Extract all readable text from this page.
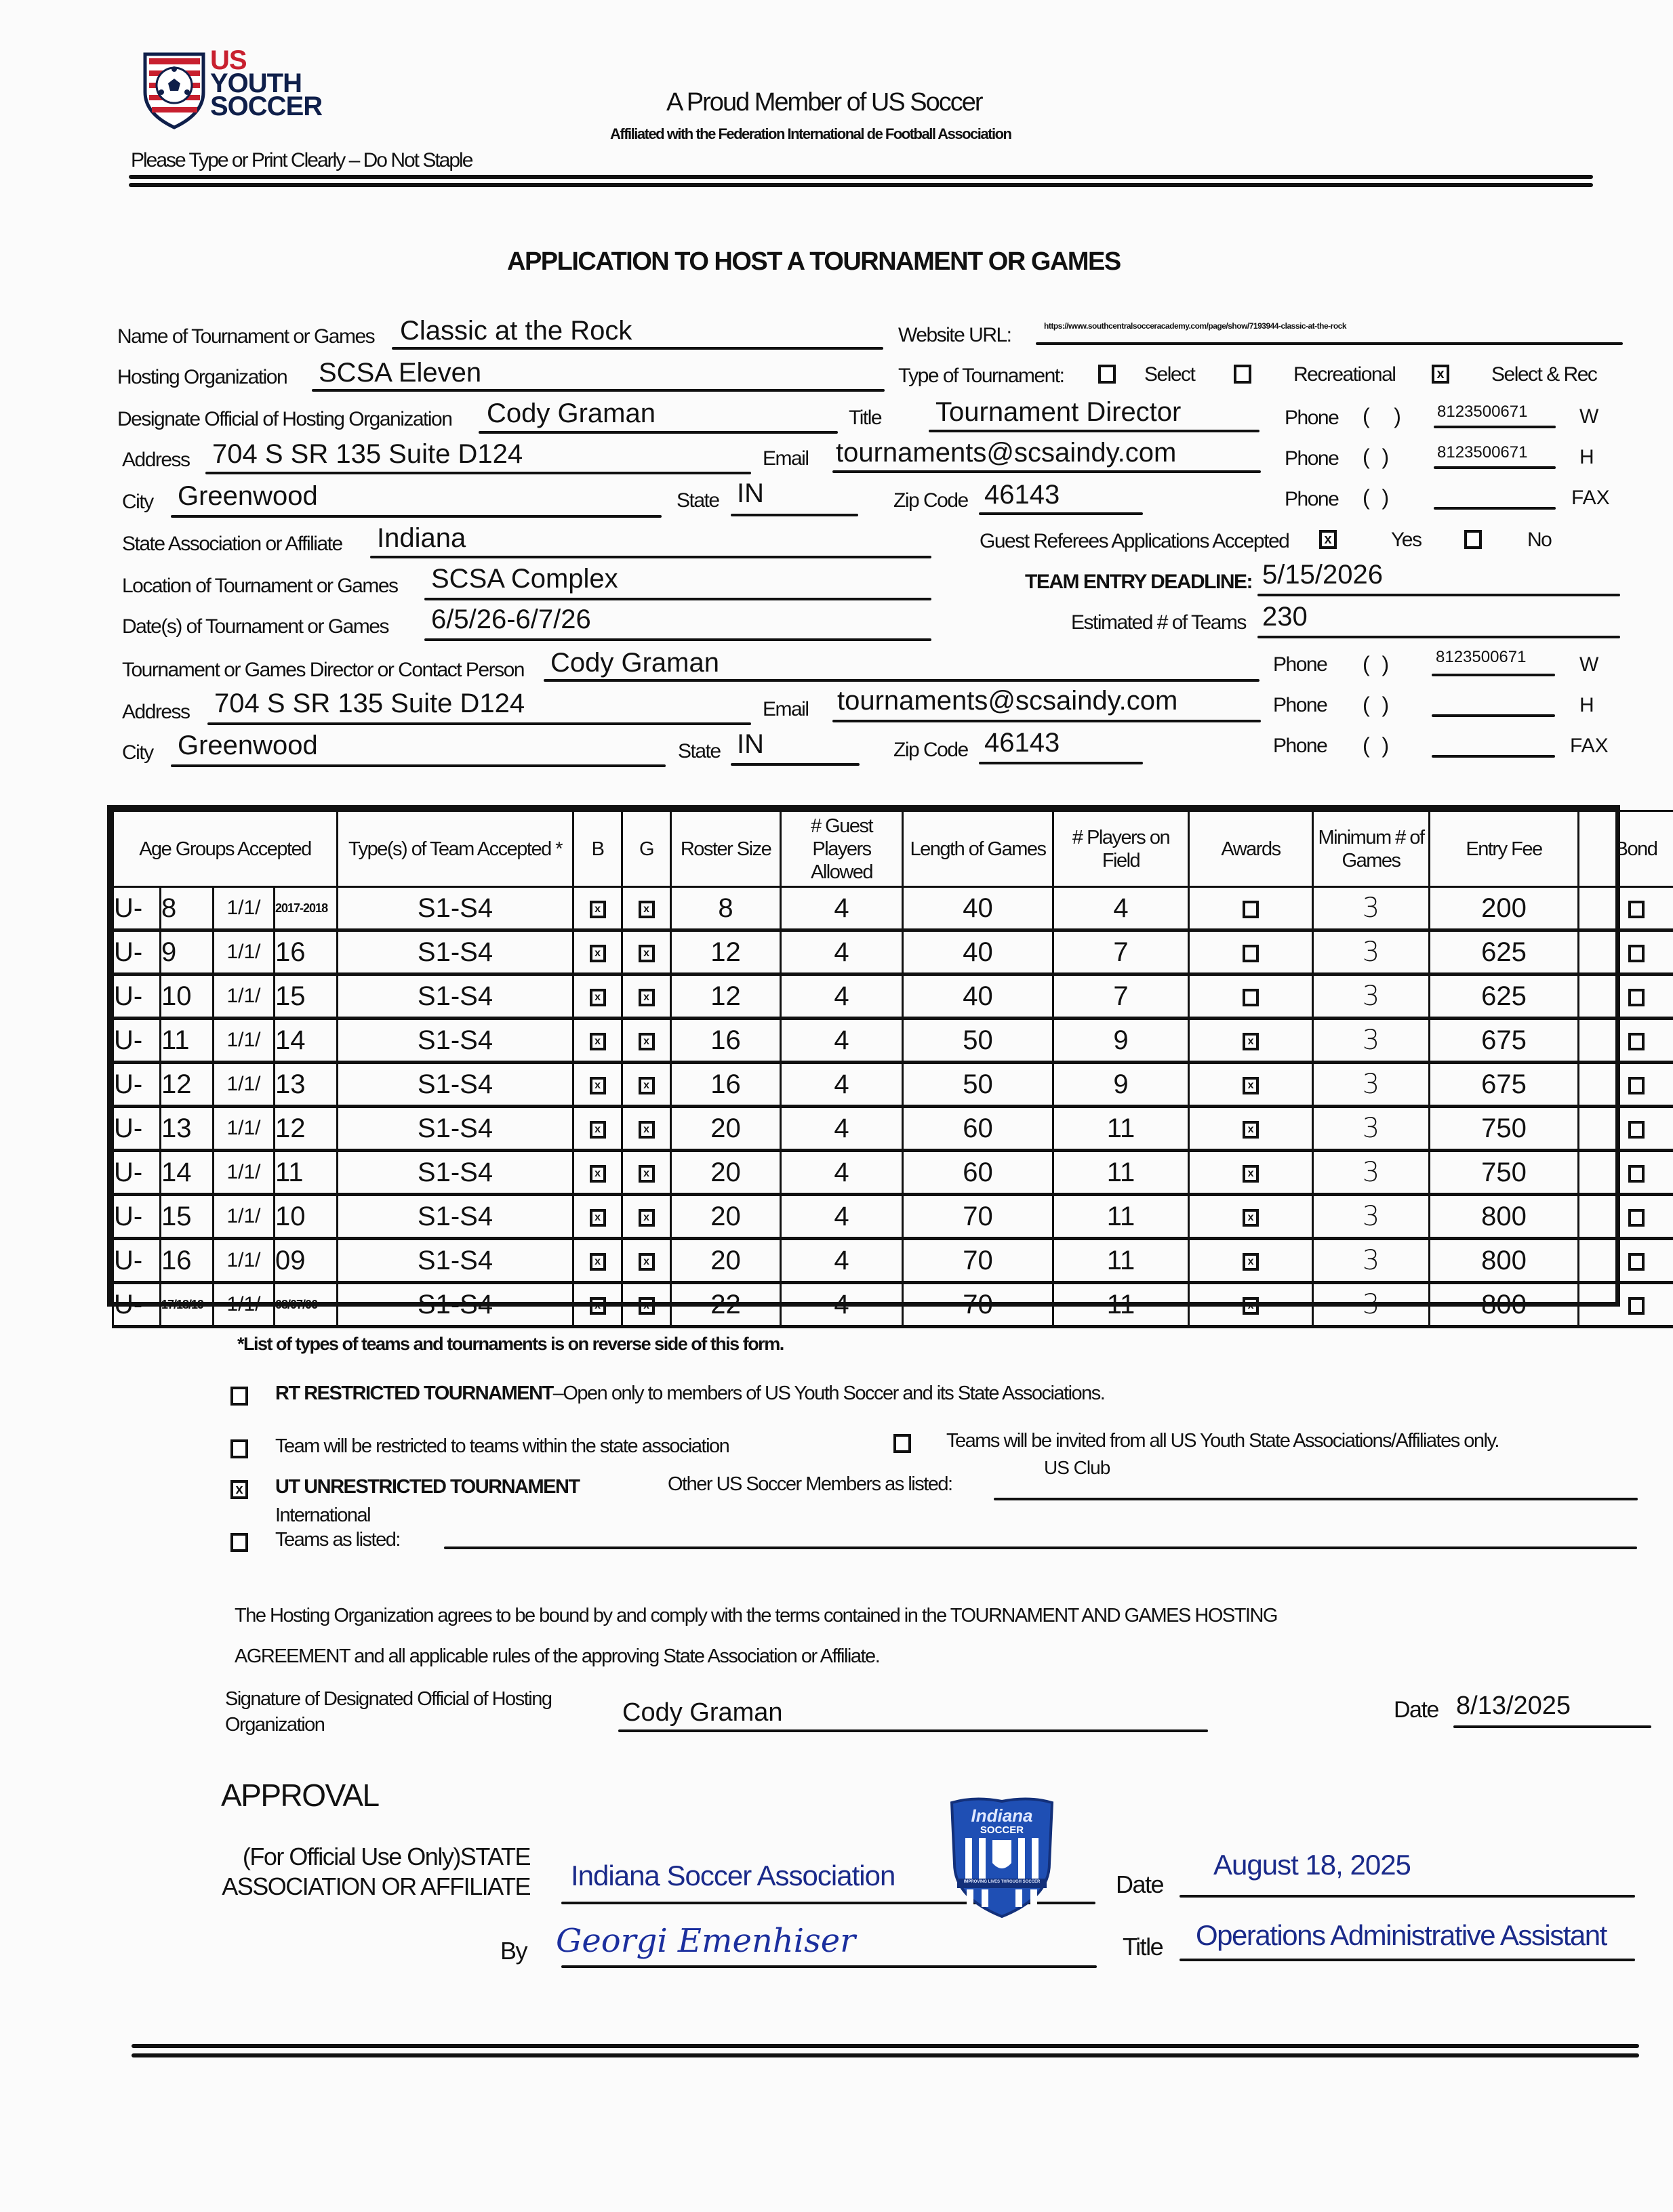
US
YOUTH
SOCCER	A Proud Member of US Soccer
Affiliated with the Federation International de Football Association
Please Type or Print Clearly – Do Not Staple
APPLICATION TO HOST A TOURNAMENT OR GAMES
Name of Tournament or Games Classic at the Rock	Website URL:	https://www.southcentralsocceracademy.com/page/show/7193944-classic-at-the-rock
Hosting Organization SCSA Eleven	Type of Tournament:	Select	Recreational	x Select & Rec
Designate Official of Hosting Organization Cody Graman	Title Tournament Director	Phone (    ) 8123500671	W
Phone (  )	8123500671	H
Phone (  )	FAX
Address 704 S SR 135 Suite D124	Email tournaments@scsaindy.com
City Greenwood	State IN	Zip Code 46143
State Association or Affiliate Indiana	Guest Referees Applications Accepted	x	Yes	No
Location of Tournament or Games SCSA Complex	TEAM ENTRY DEADLINE: 5/15/2026
Date(s) of Tournament or Games 6/5/26-6/7/26	Estimated # of Teams 230
Tournament or Games Director or Contact Person Cody Graman
Address 704 S SR 135 Suite D124	Email tournaments@scsaindy.com
City Greenwood	State IN	Zip Code 46143
Phone (  )	8123500671	W
Phone (  )	H
Phone (  )	FAX
Age Groups Accepted				Type(s) of Team Accepted *	B	G	Roster Size	# Guest Players Allowed	Length of Games	# Players on Field	Awards	Minimum # of Games	Entry Fee	Bond
U-	8	1/1/	2017-2018	S1-S4	x	x	8	4	40	4		3	200	
U-	9	1/1/	16	S1-S4	x	x	12	4	40	7		3	625	
U-	10	1/1/	15	S1-S4	x	x	12	4	40	7		3	625	
U-	11	1/1/	14	S1-S4	x	x	16	4	50	9	x	3	675	
U-	12	1/1/	13	S1-S4	x	x	16	4	50	9	x	3	675	
U-	13	1/1/	12	S1-S4	x	x	20	4	60	11	x	3	750	
U-	14	1/1/	11	S1-S4	x	x	20	4	60	11	x	3	750	
U-	15	1/1/	10	S1-S4	x	x	20	4	70	11	x	3	800	
U-	16	1/1/	09	S1-S4	x	x	20	4	70	11	x	3	800	
U-	17/18/19	1/1/	08/07/06	S1-S4	x	x	22	4	70	11	x	3	800	
*List of types of teams and tournaments is on reverse side of this form.
RT RESTRICTED TOURNAMENT–Open only to members of US Youth Soccer and its State Associations.
Team will be restricted to teams within the state association	Teams will be invited from all US Youth State Associations/Affiliates only.
x UT UNRESTRICTED TOURNAMENT	Other US Soccer Members as listed:
US Club
International
Teams as listed:
The Hosting Organization agrees to be bound by and comply with the terms contained in the TOURNAMENT AND GAMES HOSTING
AGREEMENT and all applicable rules of the approving State Association or Affiliate.
Signature of Designated Official of Hosting
Organization	Cody Graman	Date 8/13/2025
APPROVAL
(For Official Use Only)STATE
ASSOCIATION OR AFFILIATE Indiana Soccer Association
Indiana
SOCCER
IMPROVING LIVES THROUGH SOCCER	Date
August 18, 2025
By Georgi Emenhiser	Title Operations Administrative Assistant
